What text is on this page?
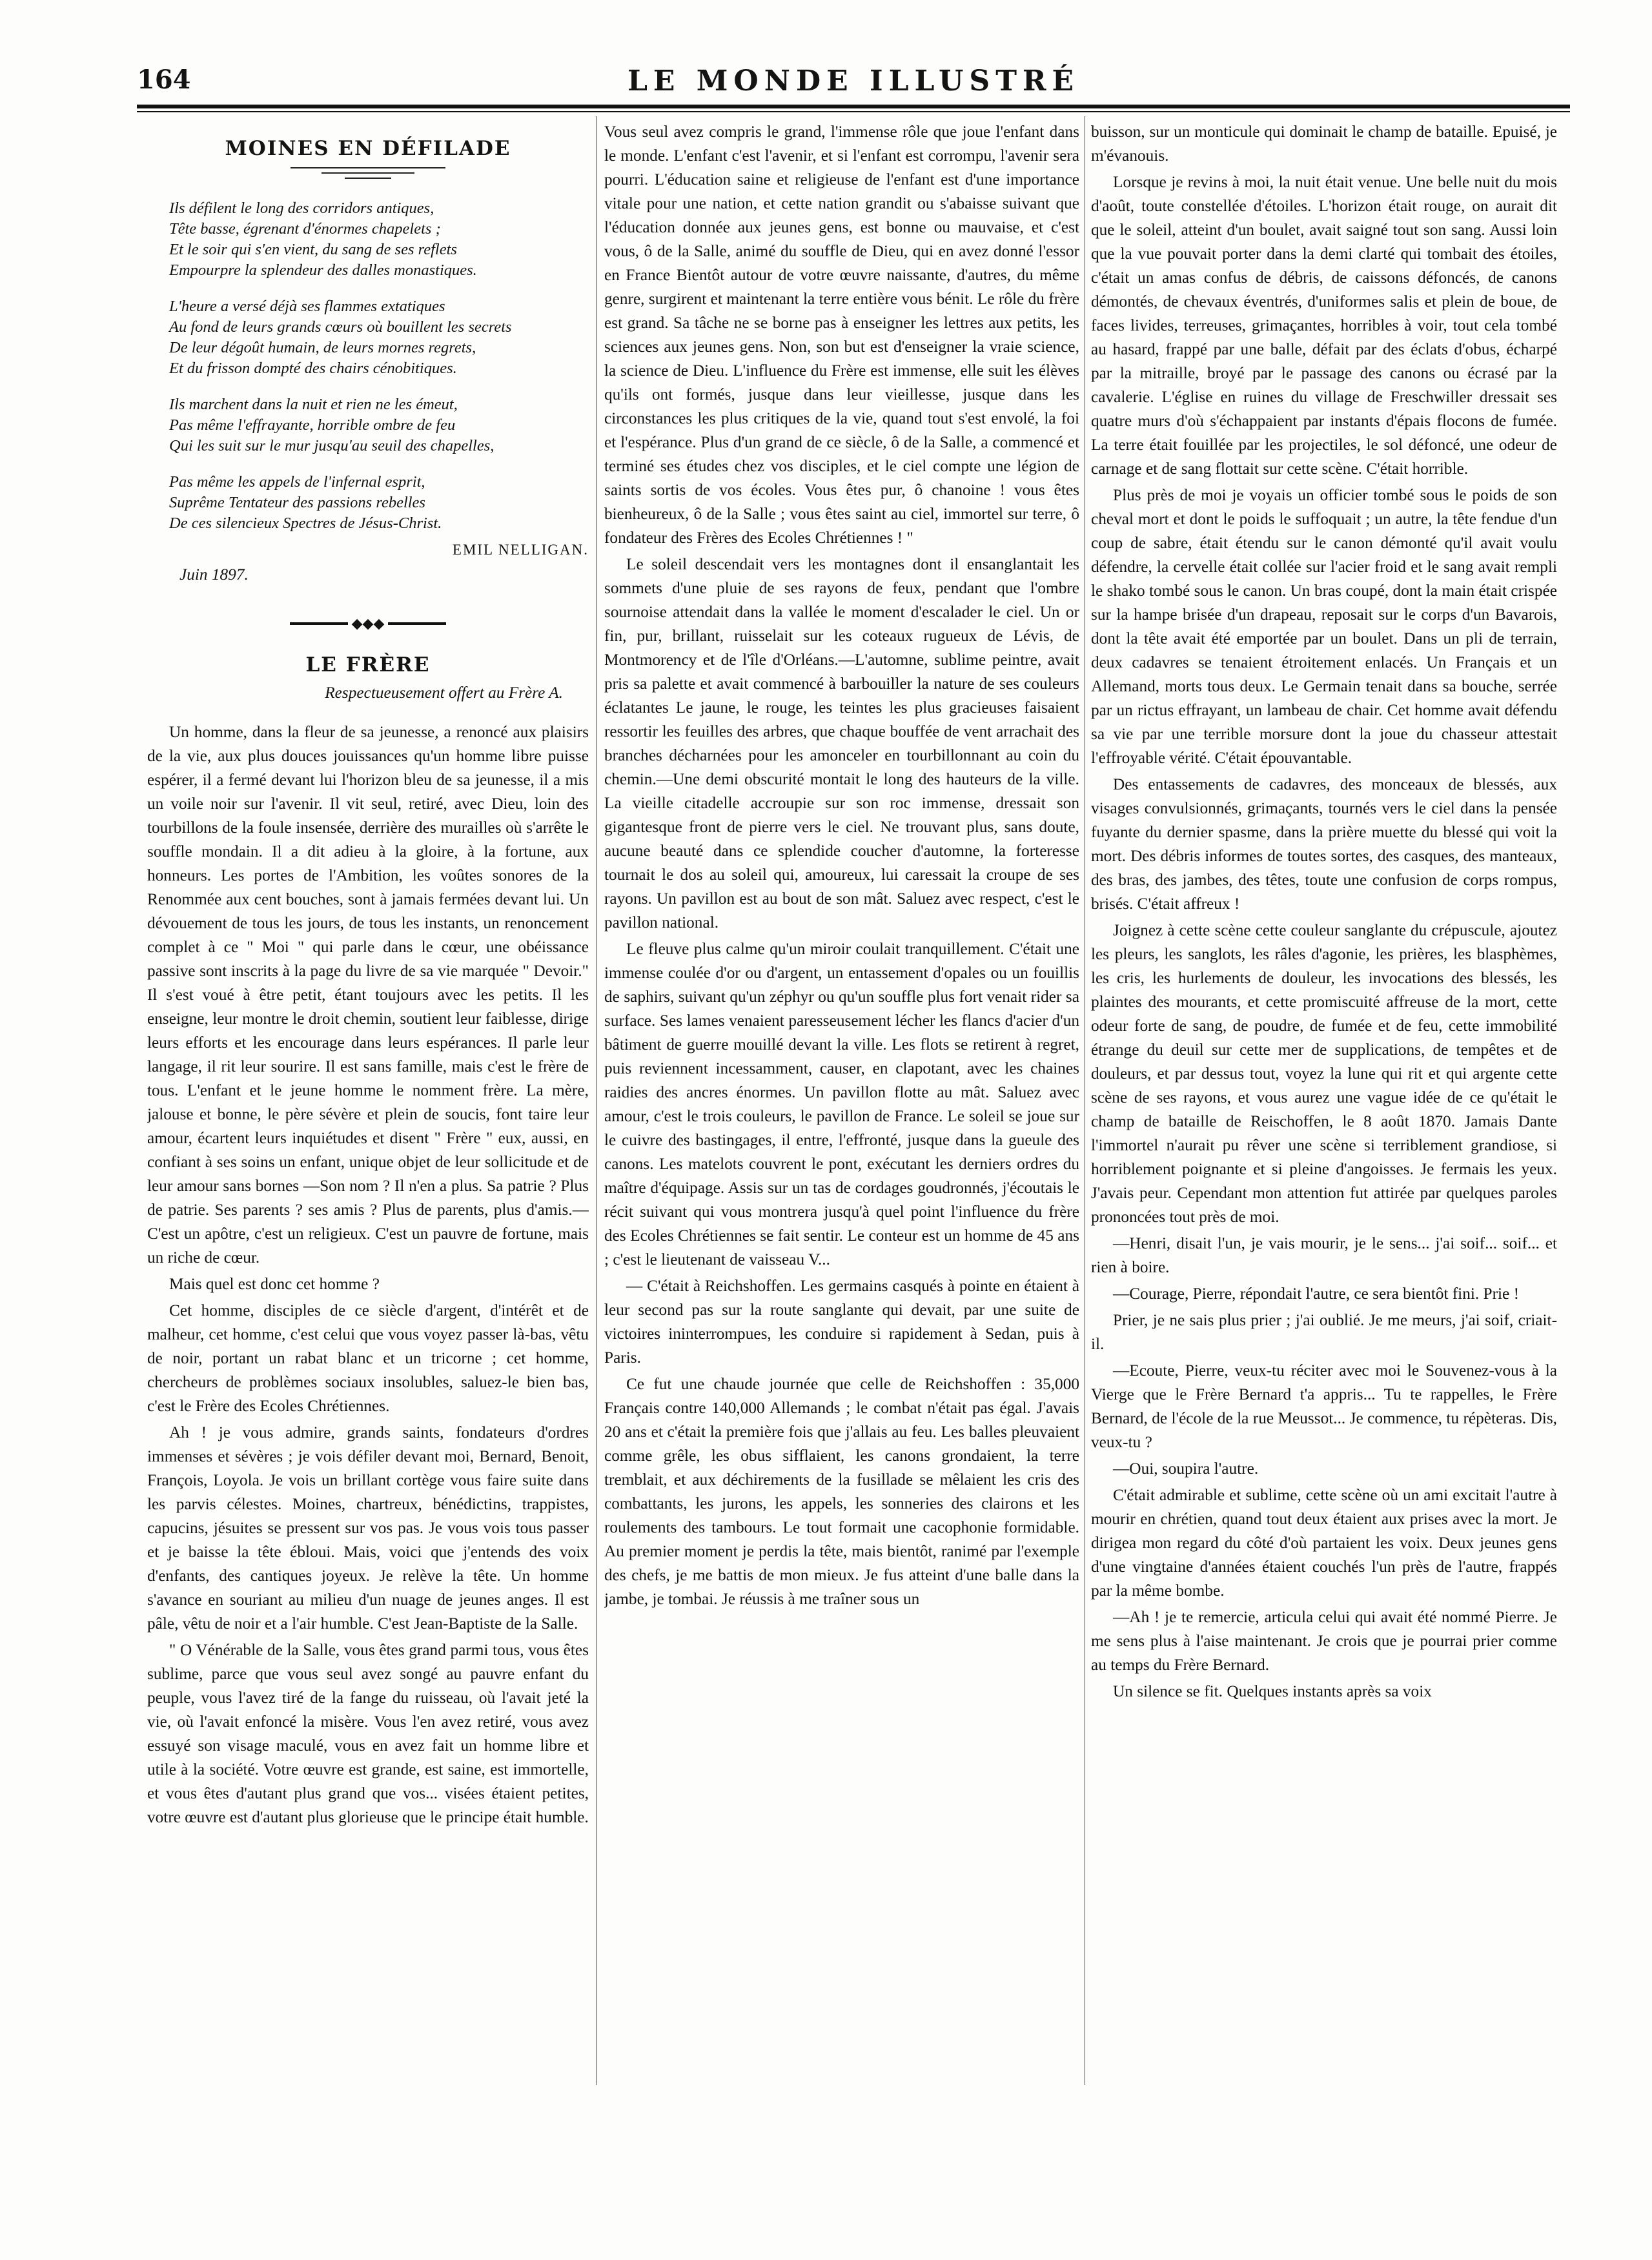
164	LE MONDE ILLUSTRÉ
MOINES EN DÉFILADE
Ils défilent le long des corridors antiques,
Tête basse, égrenant d'énormes chapelets ;
Et le soir qui s'en vient, du sang de ses reflets
Empourpre la splendeur des dalles monastiques.
L'heure a versé déjà ses flammes extatiques
Au fond de leurs grands cœurs où bouillent les secrets
De leur dégoût humain, de leurs mornes regrets,
Et du frisson dompté des chairs cénobitiques.
Ils marchent dans la nuit et rien ne les émeut,
Pas même l'effrayante, horrible ombre de feu
Qui les suit sur le mur jusqu'au seuil des chapelles,
Pas même les appels de l'infernal esprit,
Suprême Tentateur des passions rebelles
De ces silencieux Spectres de Jésus-Christ.
EMIL NELLIGAN.
Juin 1897.
◆◆◆
LE FRÈRE
Respectueusement offert au Frère A.

Un homme, dans la fleur de sa jeunesse, a renoncé aux plaisirs de la vie, aux plus douces jouissances qu'un homme libre puisse espérer, il a fermé devant lui l'horizon bleu de sa jeunesse, il a mis un voile noir sur l'avenir. Il vit seul, retiré, avec Dieu, loin des tourbillons de la foule insensée, derrière des murailles où s'arrête le souffle mondain. Il a dit adieu à la gloire, à la fortune, aux honneurs. Les portes de l'Ambition, les voûtes sonores de la Renommée aux cent bouches, sont à jamais fermées devant lui. Un dévouement de tous les jours, de tous les instants, un renoncement complet à ce " Moi " qui parle dans le cœur, une obéissance passive sont inscrits à la page du livre de sa vie marquée " Devoir." Il s'est voué à être petit, étant toujours avec les petits. Il les enseigne, leur montre le droit chemin, soutient leur faiblesse, dirige leurs efforts et les encourage dans leurs espérances. Il parle leur langage, il rit leur sourire. Il est sans famille, mais c'est le frère de tous. L'enfant et le jeune homme le nomment frère. La mère, jalouse et bonne, le père sévère et plein de soucis, font taire leur amour, écartent leurs inquiétudes et disent " Frère " eux, aussi, en confiant à ses soins un enfant, unique objet de leur sollicitude et de leur amour sans bornes —Son nom ? Il n'en a plus. Sa patrie ? Plus de patrie. Ses parents ? ses amis ? Plus de parents, plus d'amis.—C'est un apôtre, c'est un religieux. C'est un pauvre de fortune, mais un riche de cœur.

Mais quel est donc cet homme ?

Cet homme, disciples de ce siècle d'argent, d'intérêt et de malheur, cet homme, c'est celui que vous voyez passer là-bas, vêtu de noir, portant un rabat blanc et un tricorne ; cet homme, chercheurs de problèmes sociaux insolubles, saluez-le bien bas, c'est le Frère des Ecoles Chrétiennes.

Ah ! je vous admire, grands saints, fondateurs d'ordres immenses et sévères ; je vois défiler devant moi, Bernard, Benoit, François, Loyola. Je vois un brillant cortège vous faire suite dans les parvis célestes. Moines, chartreux, bénédictins, trappistes, capucins, jésuites se pressent sur vos pas. Je vous vois tous passer et je baisse la tête ébloui. Mais, voici que j'entends des voix d'enfants, des cantiques joyeux. Je relève la tête. Un homme s'avance en souriant au milieu d'un nuage de jeunes anges. Il est pâle, vêtu de noir et a l'air humble. C'est Jean-Baptiste de la Salle.

" O Vénérable de la Salle, vous êtes grand parmi tous, vous êtes sublime, parce que vous seul avez songé au pauvre enfant du peuple, vous l'avez tiré de la fange du ruisseau, où l'avait jeté la vie, où l'avait enfoncé la misère. Vous l'en avez retiré, vous avez essuyé son visage maculé, vous en avez fait un homme libre et utile à la société. Votre œuvre est grande, est saine, est immortelle, et vous êtes d'autant plus grand que vos... visées étaient petites, votre œuvre est d'autant plus glorieuse que le principe était humble.

Vous seul avez compris le grand, l'immense rôle que joue l'enfant dans le monde. L'enfant c'est l'avenir, et si l'enfant est corrompu, l'avenir sera pourri. L'éducation saine et religieuse de l'enfant est d'une importance vitale pour une nation, et cette nation grandit ou s'abaisse suivant que l'éducation donnée aux jeunes gens, est bonne ou mauvaise, et c'est vous, ô de la Salle, animé du souffle de Dieu, qui en avez donné l'essor en France Bientôt autour de votre œuvre naissante, d'autres, du même genre, surgirent et maintenant la terre entière vous bénit. Le rôle du frère est grand. Sa tâche ne se borne pas à enseigner les lettres aux petits, les sciences aux jeunes gens. Non, son but est d'enseigner la vraie science, la science de Dieu. L'influence du Frère est immense, elle suit les élèves qu'ils ont formés, jusque dans leur vieillesse, jusque dans les circonstances les plus critiques de la vie, quand tout s'est envolé, la foi et l'espérance. Plus d'un grand de ce siècle, ô de la Salle, a commencé et terminé ses études chez vos disciples, et le ciel compte une légion de saints sortis de vos écoles. Vous êtes pur, ô chanoine ! vous êtes bienheureux, ô de la Salle ; vous êtes saint au ciel, immortel sur terre, ô fondateur des Frères des Ecoles Chrétiennes ! "

Le soleil descendait vers les montagnes dont il ensanglantait les sommets d'une pluie de ses rayons de feux, pendant que l'ombre sournoise attendait dans la vallée le moment d'escalader le ciel. Un or fin, pur, brillant, ruisselait sur les coteaux rugueux de Lévis, de Montmorency et de l'île d'Orléans.—L'automne, sublime peintre, avait pris sa palette et avait commencé à barbouiller la nature de ses couleurs éclatantes Le jaune, le rouge, les teintes les plus gracieuses faisaient ressortir les feuilles des arbres, que chaque bouffée de vent arrachait des branches décharnées pour les amonceler en tourbillonnant au coin du chemin.—Une demi obscurité montait le long des hauteurs de la ville. La vieille citadelle accroupie sur son roc immense, dressait son gigantesque front de pierre vers le ciel. Ne trouvant plus, sans doute, aucune beauté dans ce splendide coucher d'automne, la forteresse tournait le dos au soleil qui, amoureux, lui caressait la croupe de ses rayons. Un pavillon est au bout de son mât. Saluez avec respect, c'est le pavillon national.

Le fleuve plus calme qu'un miroir coulait tranquillement. C'était une immense coulée d'or ou d'argent, un entassement d'opales ou un fouillis de saphirs, suivant qu'un zéphyr ou qu'un souffle plus fort venait rider sa surface. Ses lames venaient paresseusement lécher les flancs d'acier d'un bâtiment de guerre mouillé devant la ville. Les flots se retirent à regret, puis reviennent incessamment, causer, en clapotant, avec les chaines raidies des ancres énormes. Un pavillon flotte au mât. Saluez avec amour, c'est le trois couleurs, le pavillon de France. Le soleil se joue sur le cuivre des bastingages, il entre, l'effronté, jusque dans la gueule des canons. Les matelots couvrent le pont, exécutant les derniers ordres du maître d'équipage. Assis sur un tas de cordages goudronnés, j'écoutais le récit suivant qui vous montrera jusqu'à quel point l'influence du frère des Ecoles Chrétiennes se fait sentir. Le conteur est un homme de 45 ans ; c'est le lieutenant de vaisseau V...

— C'était à Reichshoffen. Les germains casqués à pointe en étaient à leur second pas sur la route sanglante qui devait, par une suite de victoires ininterrompues, les conduire si rapidement à Sedan, puis à Paris.

Ce fut une chaude journée que celle de Reichshoffen : 35,000 Français contre 140,000 Allemands ; le combat n'était pas égal. J'avais 20 ans et c'était la première fois que j'allais au feu. Les balles pleuvaient comme grêle, les obus sifflaient, les canons grondaient, la terre tremblait, et aux déchirements de la fusillade se mêlaient les cris des combattants, les jurons, les appels, les sonneries des clairons et les roulements des tambours. Le tout formait une cacophonie formidable. Au premier moment je perdis la tête, mais bientôt, ranimé par l'exemple des chefs, je me battis de mon mieux. Je fus atteint d'une balle dans la jambe, je tombai. Je réussis à me traîner sous un

buisson, sur un monticule qui dominait le champ de bataille. Epuisé, je m'évanouis.

Lorsque je revins à moi, la nuit était venue. Une belle nuit du mois d'août, toute constellée d'étoiles. L'horizon était rouge, on aurait dit que le soleil, atteint d'un boulet, avait saigné tout son sang. Aussi loin que la vue pouvait porter dans la demi clarté qui tombait des étoiles, c'était un amas confus de débris, de caissons défoncés, de canons démontés, de chevaux éventrés, d'uniformes salis et plein de boue, de faces livides, terreuses, grimaçantes, horribles à voir, tout cela tombé au hasard, frappé par une balle, défait par des éclats d'obus, écharpé par la mitraille, broyé par le passage des canons ou écrasé par la cavalerie. L'église en ruines du village de Freschwiller dressait ses quatre murs d'où s'échappaient par instants d'épais flocons de fumée. La terre était fouillée par les projectiles, le sol défoncé, une odeur de carnage et de sang flottait sur cette scène. C'était horrible.

Plus près de moi je voyais un officier tombé sous le poids de son cheval mort et dont le poids le suffoquait ; un autre, la tête fendue d'un coup de sabre, était étendu sur le canon démonté qu'il avait voulu défendre, la cervelle était collée sur l'acier froid et le sang avait rempli le shako tombé sous le canon. Un bras coupé, dont la main était crispée sur la hampe brisée d'un drapeau, reposait sur le corps d'un Bavarois, dont la tête avait été emportée par un boulet. Dans un pli de terrain, deux cadavres se tenaient étroitement enlacés. Un Français et un Allemand, morts tous deux. Le Germain tenait dans sa bouche, serrée par un rictus effrayant, un lambeau de chair. Cet homme avait défendu sa vie par une terrible morsure dont la joue du chasseur attestait l'effroyable vérité. C'était épouvantable.

Des entassements de cadavres, des monceaux de blessés, aux visages convulsionnés, grimaçants, tournés vers le ciel dans la pensée fuyante du dernier spasme, dans la prière muette du blessé qui voit la mort. Des débris informes de toutes sortes, des casques, des manteaux, des bras, des jambes, des têtes, toute une confusion de corps rompus, brisés. C'était affreux !

Joignez à cette scène cette couleur sanglante du crépuscule, ajoutez les pleurs, les sanglots, les râles d'agonie, les prières, les blasphèmes, les cris, les hurlements de douleur, les invocations des blessés, les plaintes des mourants, et cette promiscuité affreuse de la mort, cette odeur forte de sang, de poudre, de fumée et de feu, cette immobilité étrange du deuil sur cette mer de supplications, de tempêtes et de douleurs, et par dessus tout, voyez la lune qui rit et qui argente cette scène de ses rayons, et vous aurez une vague idée de ce qu'était le champ de bataille de Reischoffen, le 8 août 1870. Jamais Dante l'immortel n'aurait pu rêver une scène si terriblement grandiose, si horriblement poignante et si pleine d'angoisses. Je fermais les yeux. J'avais peur. Cependant mon attention fut attirée par quelques paroles prononcées tout près de moi.

—Henri, disait l'un, je vais mourir, je le sens... j'ai soif... soif... et rien à boire.

—Courage, Pierre, répondait l'autre, ce sera bientôt fini. Prie !

Prier, je ne sais plus prier ; j'ai oublié. Je me meurs, j'ai soif, criait-il.

—Ecoute, Pierre, veux-tu réciter avec moi le Souvenez-vous à la Vierge que le Frère Bernard t'a appris... Tu te rappelles, le Frère Bernard, de l'école de la rue Meussot... Je commence, tu répèteras. Dis, veux-tu ?

—Oui, soupira l'autre.

C'était admirable et sublime, cette scène où un ami excitait l'autre à mourir en chrétien, quand tout deux étaient aux prises avec la mort. Je dirigea mon regard du côté d'où partaient les voix. Deux jeunes gens d'une vingtaine d'années étaient couchés l'un près de l'autre, frappés par la même bombe.

—Ah ! je te remercie, articula celui qui avait été nommé Pierre. Je me sens plus à l'aise maintenant. Je crois que je pourrai prier comme au temps du Frère Bernard.

Un silence se fit. Quelques instants après sa voix
